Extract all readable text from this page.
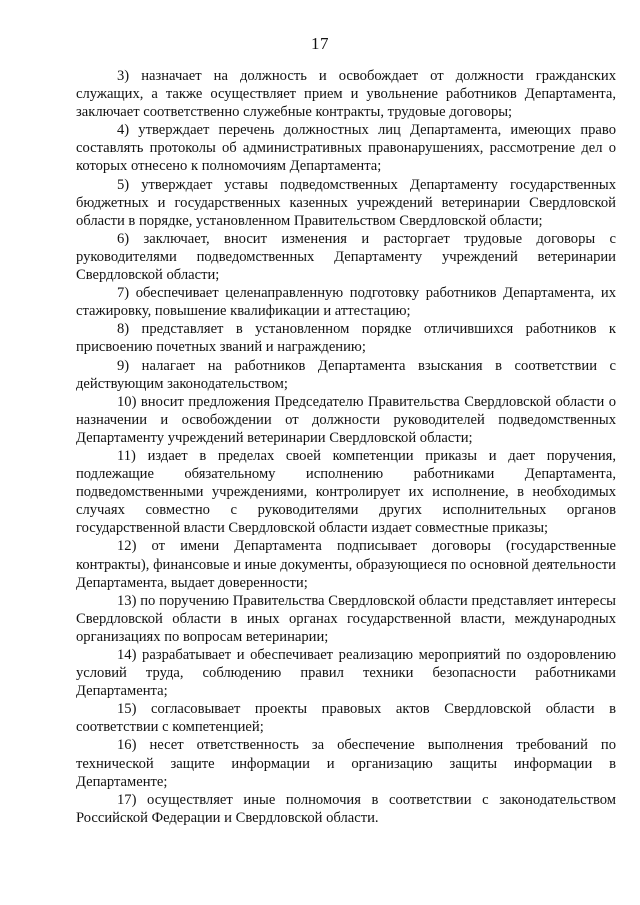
17

3) назначает на должность и освобождает от должности гражданских служащих, а также осуществляет прием и увольнение работников Департамента, заключает соответственно служебные контракты, трудовые договоры;

4) утверждает перечень должностных лиц Департамента, имеющих право составлять протоколы об административных правонарушениях, рассмотрение дел о которых отнесено к полномочиям Департамента;

5) утверждает уставы подведомственных Департаменту государственных бюджетных и государственных казенных учреждений ветеринарии Свердловской области в порядке, установленном Правительством Свердловской области;

6) заключает, вносит изменения и расторгает трудовые договоры с руководителями подведомственных Департаменту учреждений ветеринарии Свердловской области;

7) обеспечивает целенаправленную подготовку работников Департамента, их стажировку, повышение квалификации и аттестацию;

8) представляет в установленном порядке отличившихся работников к присвоению почетных званий и награждению;

9) налагает на работников Департамента взыскания в соответствии с действующим законодательством;

10) вносит предложения Председателю Правительства Свердловской области о назначении и освобождении от должности руководителей подведомственных Департаменту учреждений ветеринарии Свердловской области;

11) издает в пределах своей компетенции приказы и дает поручения, подлежащие обязательному исполнению работниками Департамента, подведомственными учреждениями, контролирует их исполнение, в необходимых случаях совместно с руководителями других исполнительных органов государственной власти Свердловской области издает совместные приказы;

12) от имени Департамента подписывает договоры (государственные контракты), финансовые и иные документы, образующиеся по основной деятельности Департамента, выдает доверенности;

13) по поручению Правительства Свердловской области представляет интересы Свердловской области в иных органах государственной власти, международных организациях по вопросам ветеринарии;

14) разрабатывает и обеспечивает реализацию мероприятий по оздоровлению условий труда, соблюдению правил техники безопасности работниками Департамента;

15) согласовывает проекты правовых актов Свердловской области в соответствии с компетенцией;

16) несет ответственность за обеспечение выполнения требований по технической защите информации и организацию защиты информации в Департаменте;

17) осуществляет иные полномочия в соответствии с законодательством Российской Федерации и Свердловской области.
